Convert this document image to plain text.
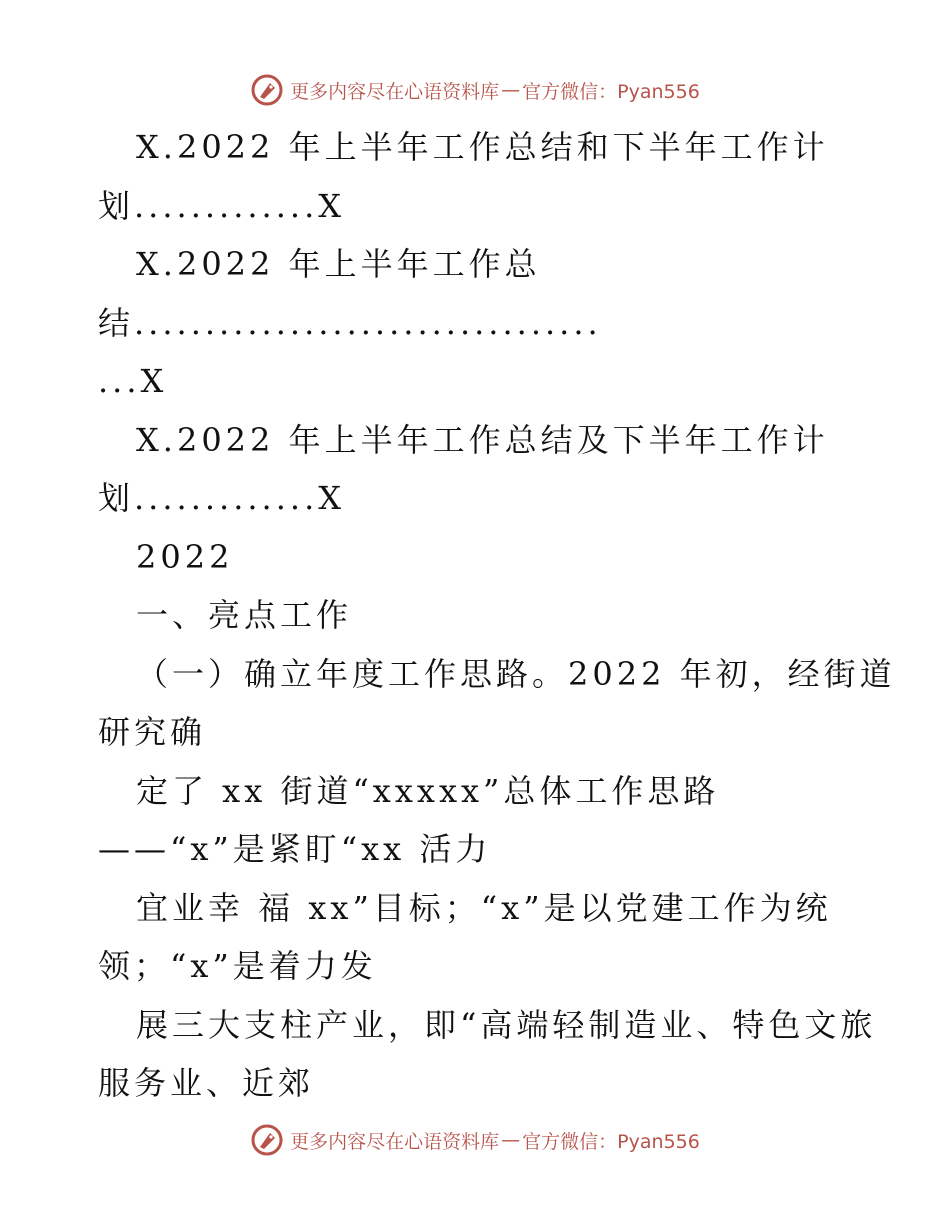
更多内容尽在心语资料库 — 官方微信：Pyan556
X.2022 年上半年工作总结和下半年工作计
划.............X
X.2022 年上半年工作总
结.................................
...X
X.2022 年上半年工作总结及下半年工作计
划.............X
2022
一、亮点工作
（一）确立年度工作思路。2022 年初，经街道
研究确
定了 xx 街道“xxxxx”总体工作思路
——“x”是紧盯“xx 活力
宜业幸 福 xx”目标；“x”是以党建工作为统
领；“x”是着力发
展三大支柱产业，即“高端轻制造业、特色文旅
服务业、近郊
更多内容尽在心语资料库 — 官方微信：Pyan556
